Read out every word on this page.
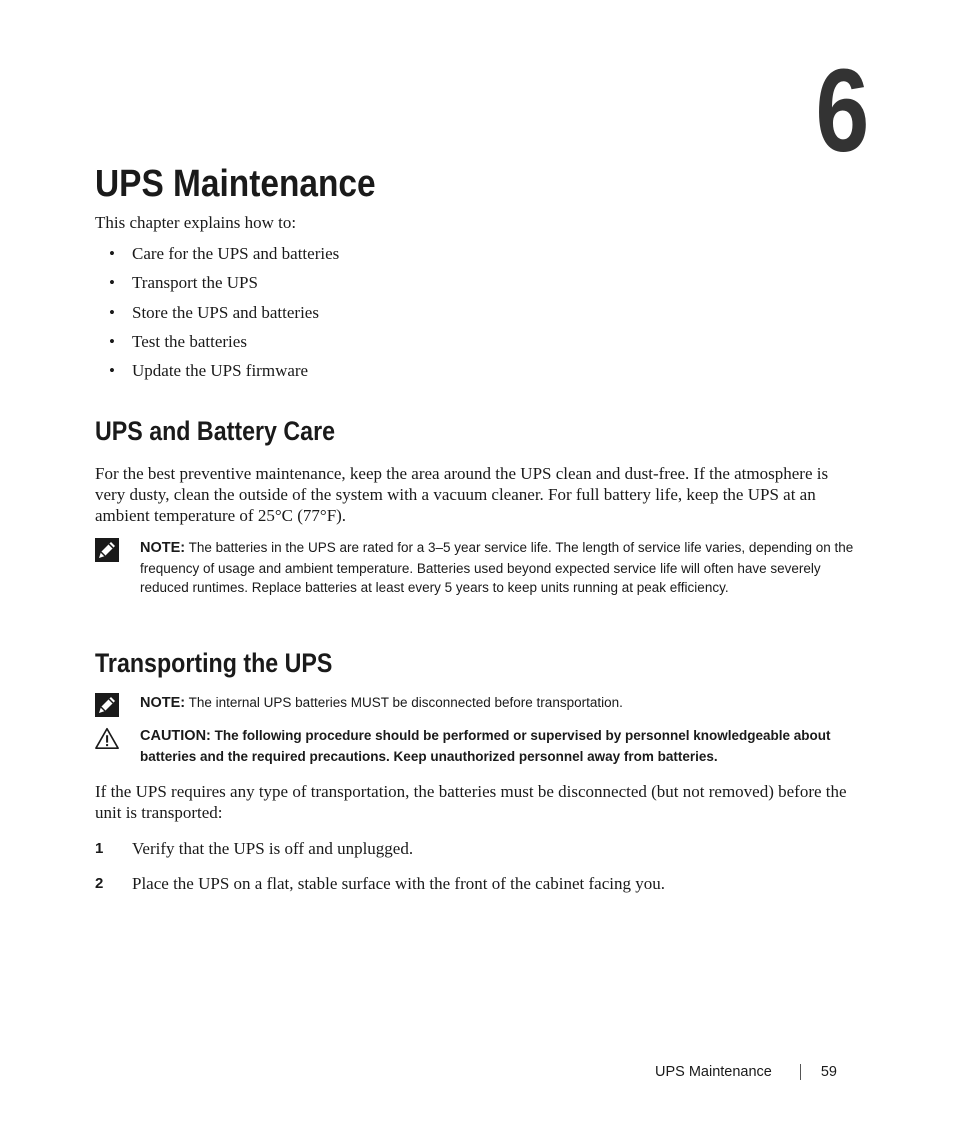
6
UPS Maintenance

This chapter explains how to:

• Care for the UPS and batteries
• Transport the UPS
• Store the UPS and batteries
• Test the batteries
• Update the UPS firmware
UPS and Battery Care

For the best preventive maintenance, keep the area around the UPS clean and dust-free. If the atmosphere is very dusty, clean the outside of the system with a vacuum cleaner. For full battery life, keep the UPS at an ambient temperature of 25°C (77°F).

NOTE: The batteries in the UPS are rated for a 3–5 year service life. The length of service life varies, depending on the frequency of usage and ambient temperature. Batteries used beyond expected service life will often have severely reduced runtimes. Replace batteries at least every 5 years to keep units running at peak efficiency.
Transporting the UPS
NOTE: The internal UPS batteries MUST be disconnected before transportation.
CAUTION: The following procedure should be performed or supervised by personnel knowledgeable about batteries and the required precautions. Keep unauthorized personnel away from batteries.

If the UPS requires any type of transportation, the batteries must be disconnected (but not removed) before the unit is transported:

1 Verify that the UPS is off and unplugged.
2 Place the UPS on a flat, stable surface with the front of the cabinet facing you.
UPS Maintenance	59
